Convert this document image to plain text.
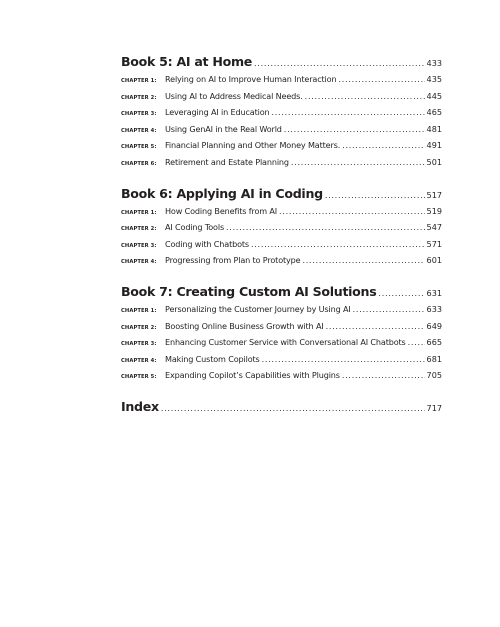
Book 5: AI at Home . . .	433
CHAPTER 1:	Relying on AI to Improve Human Interaction . . .	435
CHAPTER 2:	Using AI to Address Medical Needs. . . .	445
CHAPTER 3:	Leveraging AI in Education . . .	465
CHAPTER 4:	Using GenAI in the Real World . . .	481
CHAPTER 5:	Financial Planning and Other Money Matters. . . .	491
CHAPTER 6:	Retirement and Estate Planning . . .	501
Book 6: Applying AI in Coding . . .	517
CHAPTER 1:	How Coding Benefits from AI . . .	519
CHAPTER 2:	AI Coding Tools . . .	547
CHAPTER 3:	Coding with Chatbots . . .	571
CHAPTER 4:	Progressing from Plan to Prototype . . .	601
Book 7: Creating Custom AI Solutions . . .	631
CHAPTER 1:	Personalizing the Customer Journey by Using AI . . .	633
CHAPTER 2:	Boosting Online Business Growth with AI . . .	649
CHAPTER 3:	Enhancing Customer Service with Conversational AI Chatbots . . .	665
CHAPTER 4:	Making Custom Copilots . . .	681
CHAPTER 5:	Expanding Copilot’s Capabilities with Plugins . . .	705
Index . . .	717
